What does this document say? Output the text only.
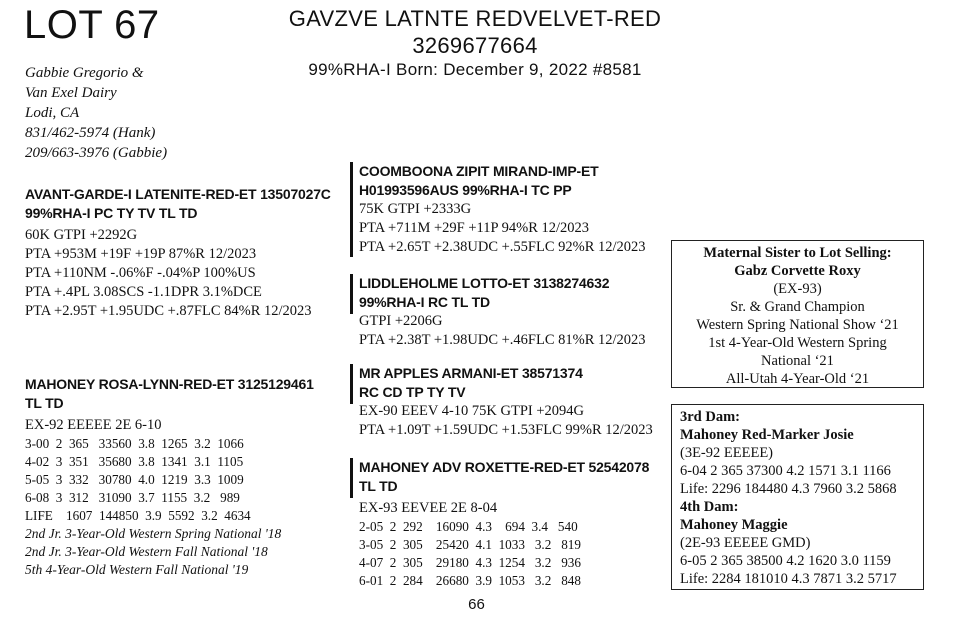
LOT 67	GAVZVE LATNTE REDVELVET-RED
3269677664
99%RHA-I Born: December 9, 2022 #8581
Gabbie Gregorio &
Van Exel Dairy
Lodi, CA
831/462-5974 (Hank)
209/663-3976 (Gabbie)
AVANT-GARDE-I LATENITE-RED-ET 13507027C
99%RHA-I PC TY TV TL TD
60K GTPI +2292G
PTA +953M +19F +19P 87%R 12/2023
PTA +110NM -.06%F -.04%P 100%US
PTA +.4PL 3.08SCS -1.1DPR 3.1%DCE
PTA +2.95T +1.95UDC +.87FLC 84%R 12/2023
MAHONEY ROSA-LYNN-RED-ET 3125129461
TL TD
EX-92 EEEEE 2E 6-10
3-00  2  365   33560  3.8  1265  3.2  1066
4-02  3  351   35680  3.8  1341  3.1  1105
5-05  3  332   30780  4.0  1219  3.3  1009
6-08  3  312   31090  3.7  1155  3.2   989
LIFE    1607  144850  3.9  5592  3.2  4634
2nd Jr. 3-Year-Old Western Spring National '18
2nd Jr. 3-Year-Old Western Fall National '18
5th 4-Year-Old Western Fall National '19
COOMBOONA ZIPIT MIRAND-IMP-ET
H01993596AUS 99%RHA-I TC PP
75K GTPI +2333G
PTA +711M +29F +11P 94%R 12/2023
PTA +2.65T +2.38UDC +.55FLC 92%R 12/2023
LIDDLEHOLME LOTTO-ET 3138274632
99%RHA-I RC TL TD
GTPI +2206G
PTA +2.38T +1.98UDC +.46FLC 81%R 12/2023
MR APPLES ARMANI-ET 38571374
RC CD TP TY TV
EX-90 EEEV 4-10 75K GTPI +2094G
PTA +1.09T +1.59UDC +1.53FLC 99%R 12/2023
MAHONEY ADV ROXETTE-RED-ET 52542078
TL TD
EX-93 EEVEE 2E 8-04
2-05  2  292    16090  4.3    694  3.4   540
3-05  2  305    25420  4.1  1033   3.2   819
4-07  2  305    29180  4.3  1254   3.2   936
6-01  2  284    26680  3.9  1053   3.2   848
Maternal Sister to Lot Selling:
Gabz Corvette Roxy
(EX-93)
Sr. & Grand Champion
Western Spring National Show ‘21
1st 4-Year-Old Western Spring
National ‘21
All-Utah 4-Year-Old ‘21
3rd Dam:
Mahoney Red-Marker Josie
(3E-92 EEEEE)
6-04 2 365 37300 4.2 1571 3.1 1166
Life: 2296 184480 4.3 7960 3.2 5868
4th Dam:
Mahoney Maggie
(2E-93 EEEEE GMD)
6-05 2 365 38500 4.2 1620 3.0 1159
Life: 2284 181010 4.3 7871 3.2 5717
66
